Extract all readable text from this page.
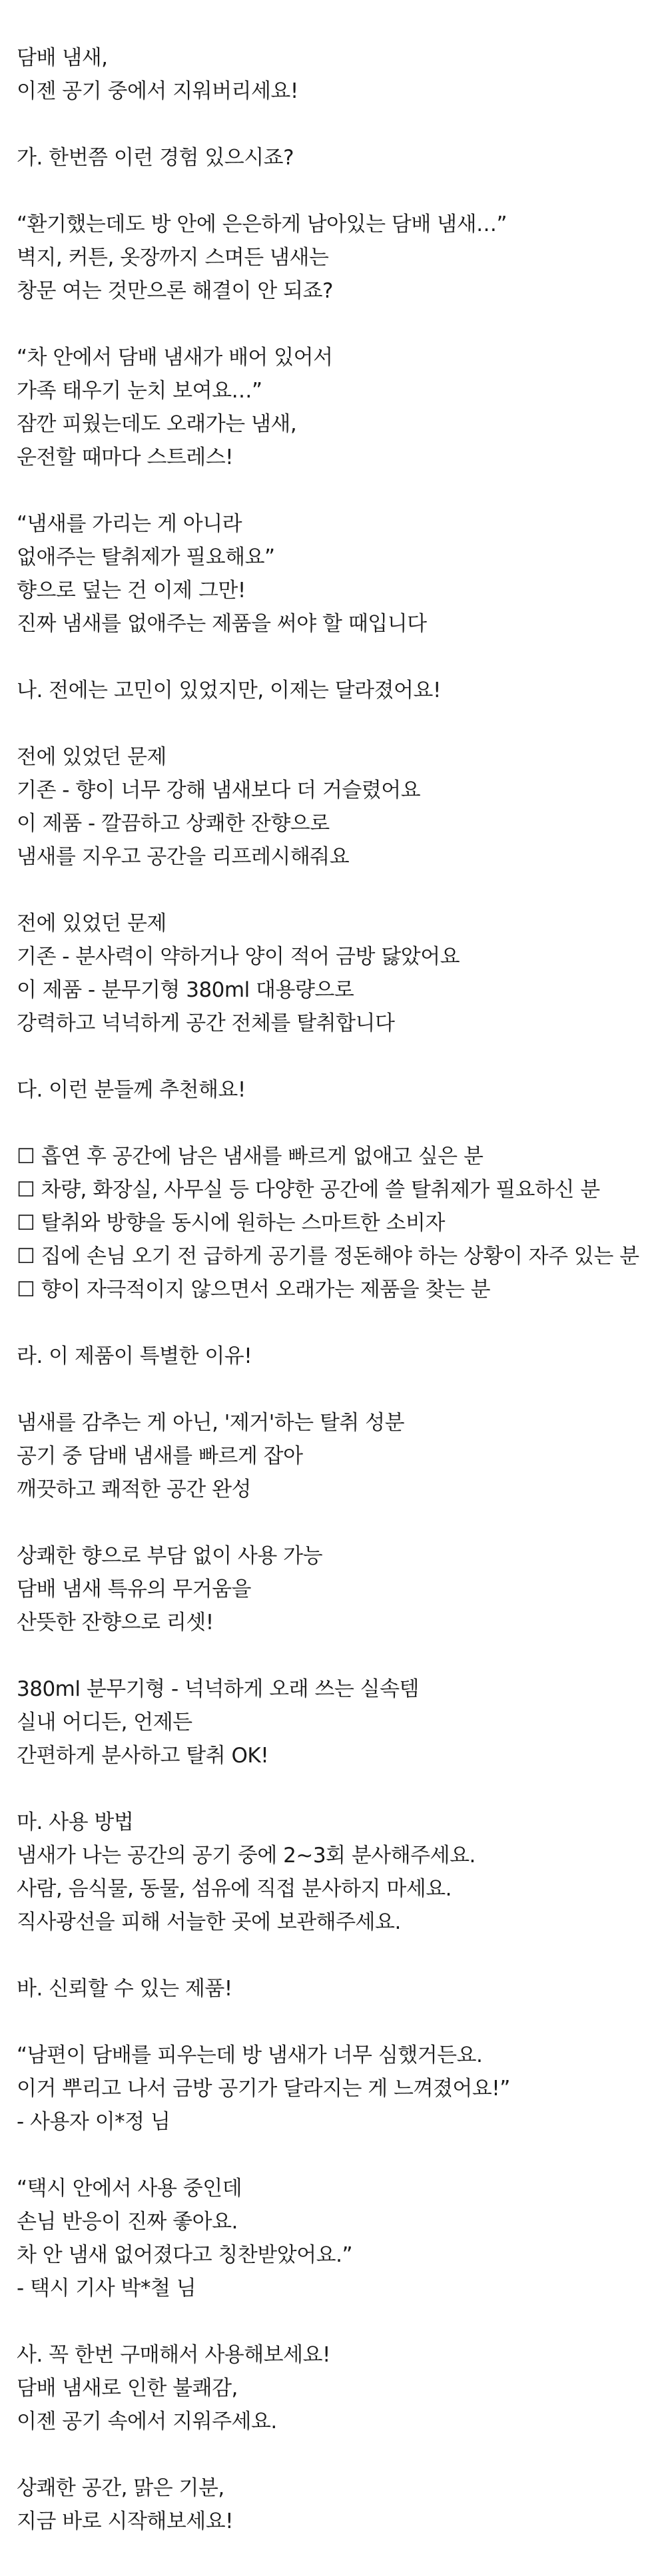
담배 냄새,
이젠 공기 중에서 지워버리세요!
가. 한번쯤 이런 경험 있으시죠?
“환기했는데도 방 안에 은은하게 남아있는 담배 냄새…”
벽지, 커튼, 옷장까지 스며든 냄새는
창문 여는 것만으론 해결이 안 되죠?
“차 안에서 담배 냄새가 배어 있어서
가족 태우기 눈치 보여요…”
잠깐 피웠는데도 오래가는 냄새,
운전할 때마다 스트레스!
“냄새를 가리는 게 아니라
없애주는 탈취제가 필요해요”
향으로 덮는 건 이제 그만!
진짜 냄새를 없애주는 제품을 써야 할 때입니다
나. 전에는 고민이 있었지만, 이제는 달라졌어요!
전에 있었던 문제
기존 - 향이 너무 강해 냄새보다 더 거슬렸어요
이 제품 - 깔끔하고 상쾌한 잔향으로
냄새를 지우고 공간을 리프레시해줘요
전에 있었던 문제
기존 - 분사력이 약하거나 양이 적어 금방 닳았어요
이 제품 - 분무기형 380ml 대용량으로
강력하고 넉넉하게 공간 전체를 탈취합니다
다. 이런 분들께 추천해요!
☐ 흡연 후 공간에 남은 냄새를 빠르게 없애고 싶은 분
☐ 차량, 화장실, 사무실 등 다양한 공간에 쓸 탈취제가 필요하신 분
☐ 탈취와 방향을 동시에 원하는 스마트한 소비자
☐ 집에 손님 오기 전 급하게 공기를 정돈해야 하는 상황이 자주 있는 분
☐ 향이 자극적이지 않으면서 오래가는 제품을 찾는 분
라. 이 제품이 특별한 이유!
냄새를 감추는 게 아닌, '제거'하는 탈취 성분
공기 중 담배 냄새를 빠르게 잡아
깨끗하고 쾌적한 공간 완성
상쾌한 향으로 부담 없이 사용 가능
담배 냄새 특유의 무거움을
산뜻한 잔향으로 리셋!
380ml 분무기형 - 넉넉하게 오래 쓰는 실속템
실내 어디든, 언제든
간편하게 분사하고 탈취 OK!
마. 사용 방법
냄새가 나는 공간의 공기 중에 2~3회 분사해주세요.
사람, 음식물, 동물, 섬유에 직접 분사하지 마세요.
직사광선을 피해 서늘한 곳에 보관해주세요.
바. 신뢰할 수 있는 제품!
“남편이 담배를 피우는데 방 냄새가 너무 심했거든요.
이거 뿌리고 나서 금방 공기가 달라지는 게 느껴졌어요!”
- 사용자 이*정 님
“택시 안에서 사용 중인데
손님 반응이 진짜 좋아요.
차 안 냄새 없어졌다고 칭찬받았어요.”
- 택시 기사 박*철 님
사. 꼭 한번 구매해서 사용해보세요!
담배 냄새로 인한 불쾌감,
이젠 공기 속에서 지워주세요.
상쾌한 공간, 맑은 기분,
지금 바로 시작해보세요!
